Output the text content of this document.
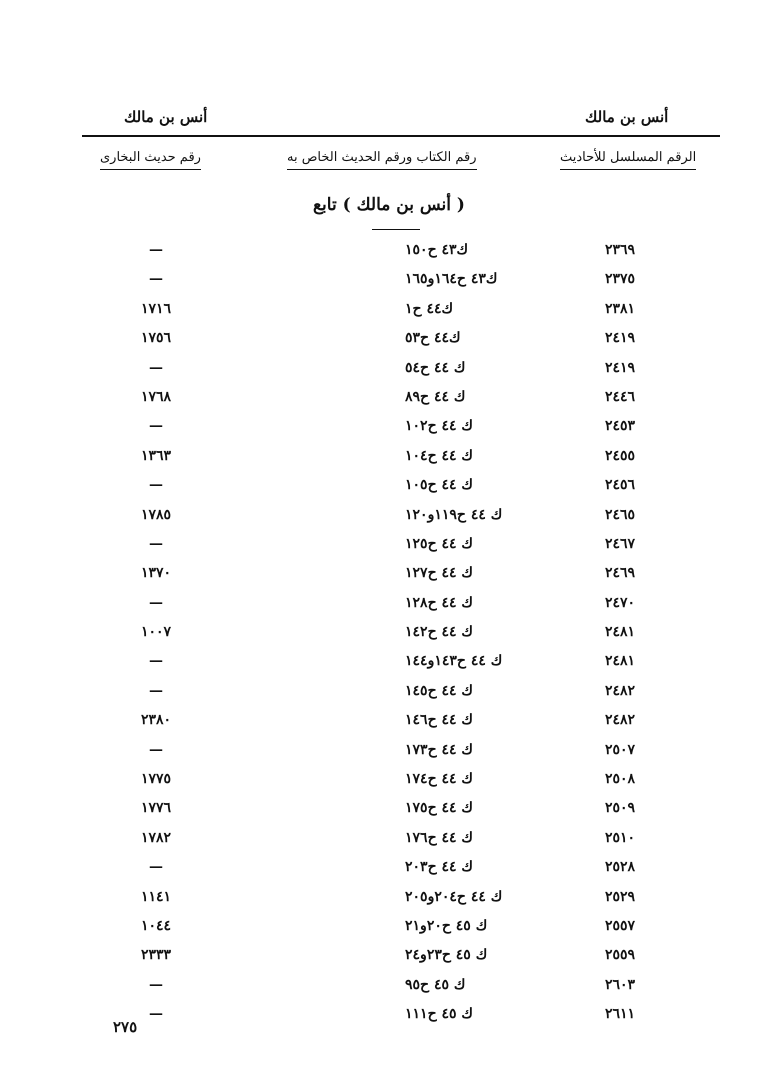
أنس بن مالك
أنس بن مالك
الرقم المسلسل للأحاديث
رقم الكتاب ورقم الحديث الخاص به
رقم حديث البخارى
( أنس بن مالك ) تابع
٢٣٦٩
ك٤٣ ح١٥٠
—
٢٣٧٥
ك٤٣ ح١٦٤و١٦٥
—
٢٣٨١
ك٤٤ ح١
١٧١٦
٢٤١٩
ك٤٤ ح٥٣
١٧٥٦
٢٤١٩
ك ٤٤ ح٥٤
—
٢٤٤٦
ك ٤٤ ح٨٩
١٧٦٨
٢٤٥٣
ك ٤٤ ح١٠٢
—
٢٤٥٥
ك ٤٤ ح١٠٤
١٣٦٣
٢٤٥٦
ك ٤٤ ح١٠٥
—
٢٤٦٥
ك ٤٤ ح١١٩و١٢٠
١٧٨٥
٢٤٦٧
ك ٤٤ ح١٢٥
—
٢٤٦٩
ك ٤٤ ح١٢٧
١٣٧٠
٢٤٧٠
ك ٤٤ ح١٢٨
—
٢٤٨١
ك ٤٤ ح١٤٢
١٠٠٧
٢٤٨١
ك ٤٤ ح١٤٣و١٤٤
—
٢٤٨٢
ك ٤٤ ح١٤٥
—
٢٤٨٢
ك ٤٤ ح١٤٦
٢٣٨٠
٢٥٠٧
ك ٤٤ ح١٧٣
—
٢٥٠٨
ك ٤٤ ح١٧٤
١٧٧٥
٢٥٠٩
ك ٤٤ ح١٧٥
١٧٧٦
٢٥١٠
ك ٤٤ ح١٧٦
١٧٨٢
٢٥٢٨
ك ٤٤ ح٢٠٣
—
٢٥٢٩
ك ٤٤ ح٢٠٤و٢٠٥
١١٤١
٢٥٥٧
ك ٤٥ ح٢٠و٢١
١٠٤٤
٢٥٥٩
ك ٤٥ ح٢٣و٢٤
٢٣٣٣
٢٦٠٣
ك ٤٥ ح٩٥
—
٢٦١١
ك ٤٥ ح١١١
—
٢٧٥
